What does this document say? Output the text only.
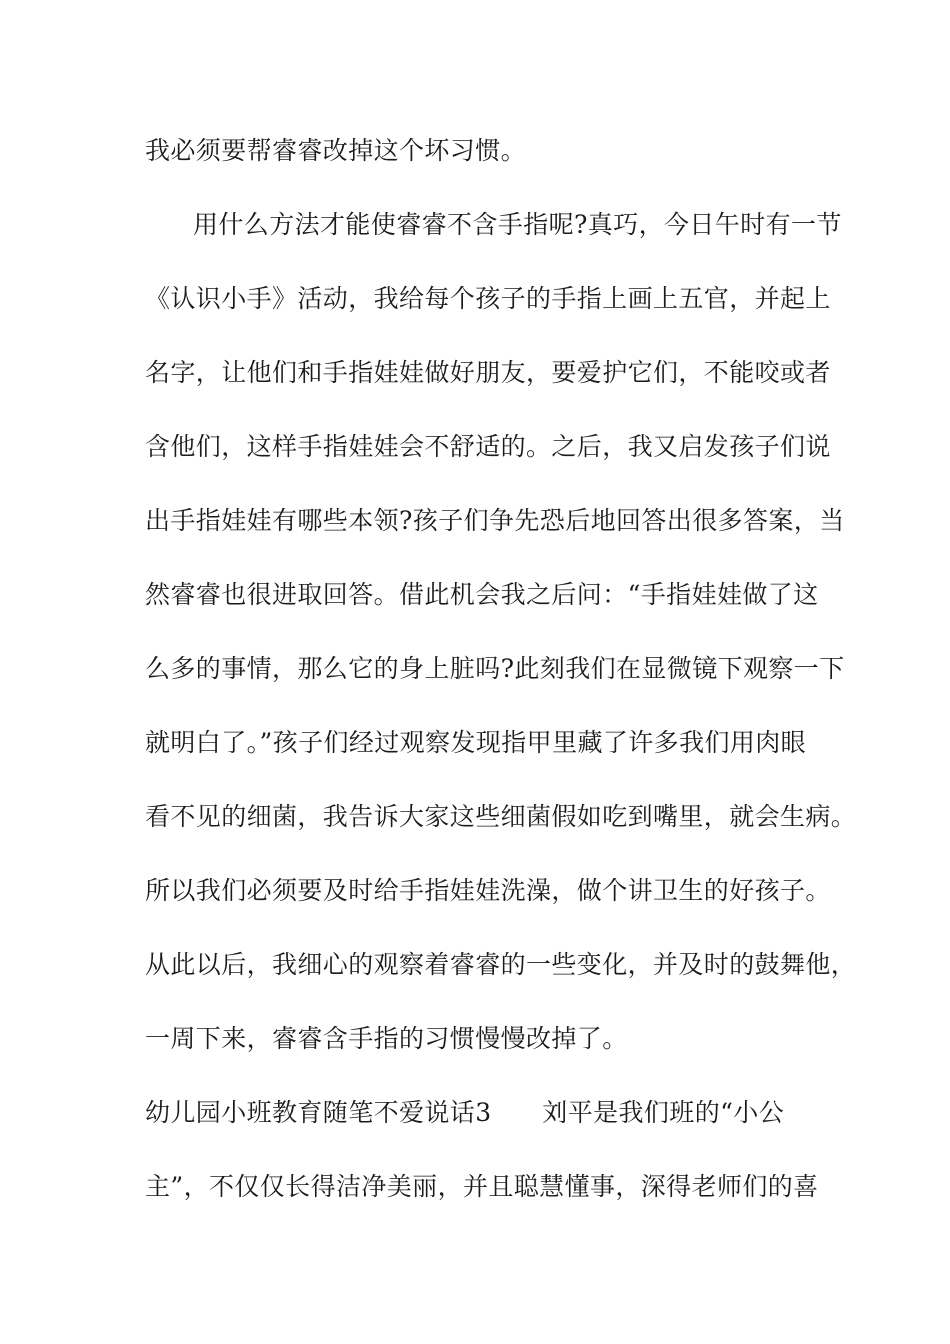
我必须要帮睿睿改掉这个坏习惯。
用什么方法才能使睿睿不含手指呢?真巧，今日午时有一节
《认识小手》活动，我给每个孩子的手指上画上五官，并起上
名字，让他们和手指娃娃做好朋友，要爱护它们，不能咬或者
含他们，这样手指娃娃会不舒适的。之后，我又启发孩子们说
出手指娃娃有哪些本领?孩子们争先恐后地回答出很多答案，当
然睿睿也很进取回答。借此机会我之后问：“手指娃娃做了这
么多的事情，那么它的身上脏吗?此刻我们在显微镜下观察一下
就明白了。”孩子们经过观察发现指甲里藏了许多我们用肉眼
看不见的细菌，我告诉大家这些细菌假如吃到嘴里，就会生病。
所以我们必须要及时给手指娃娃洗澡，做个讲卫生的好孩子。
从此以后，我细心的观察着睿睿的一些变化，并及时的鼓舞他，
一周下来，睿睿含手指的习惯慢慢改掉了。
幼儿园小班教育随笔不爱说话3　　刘平是我们班的“小公
主”，不仅仅长得洁净美丽，并且聪慧懂事，深得老师们的喜
